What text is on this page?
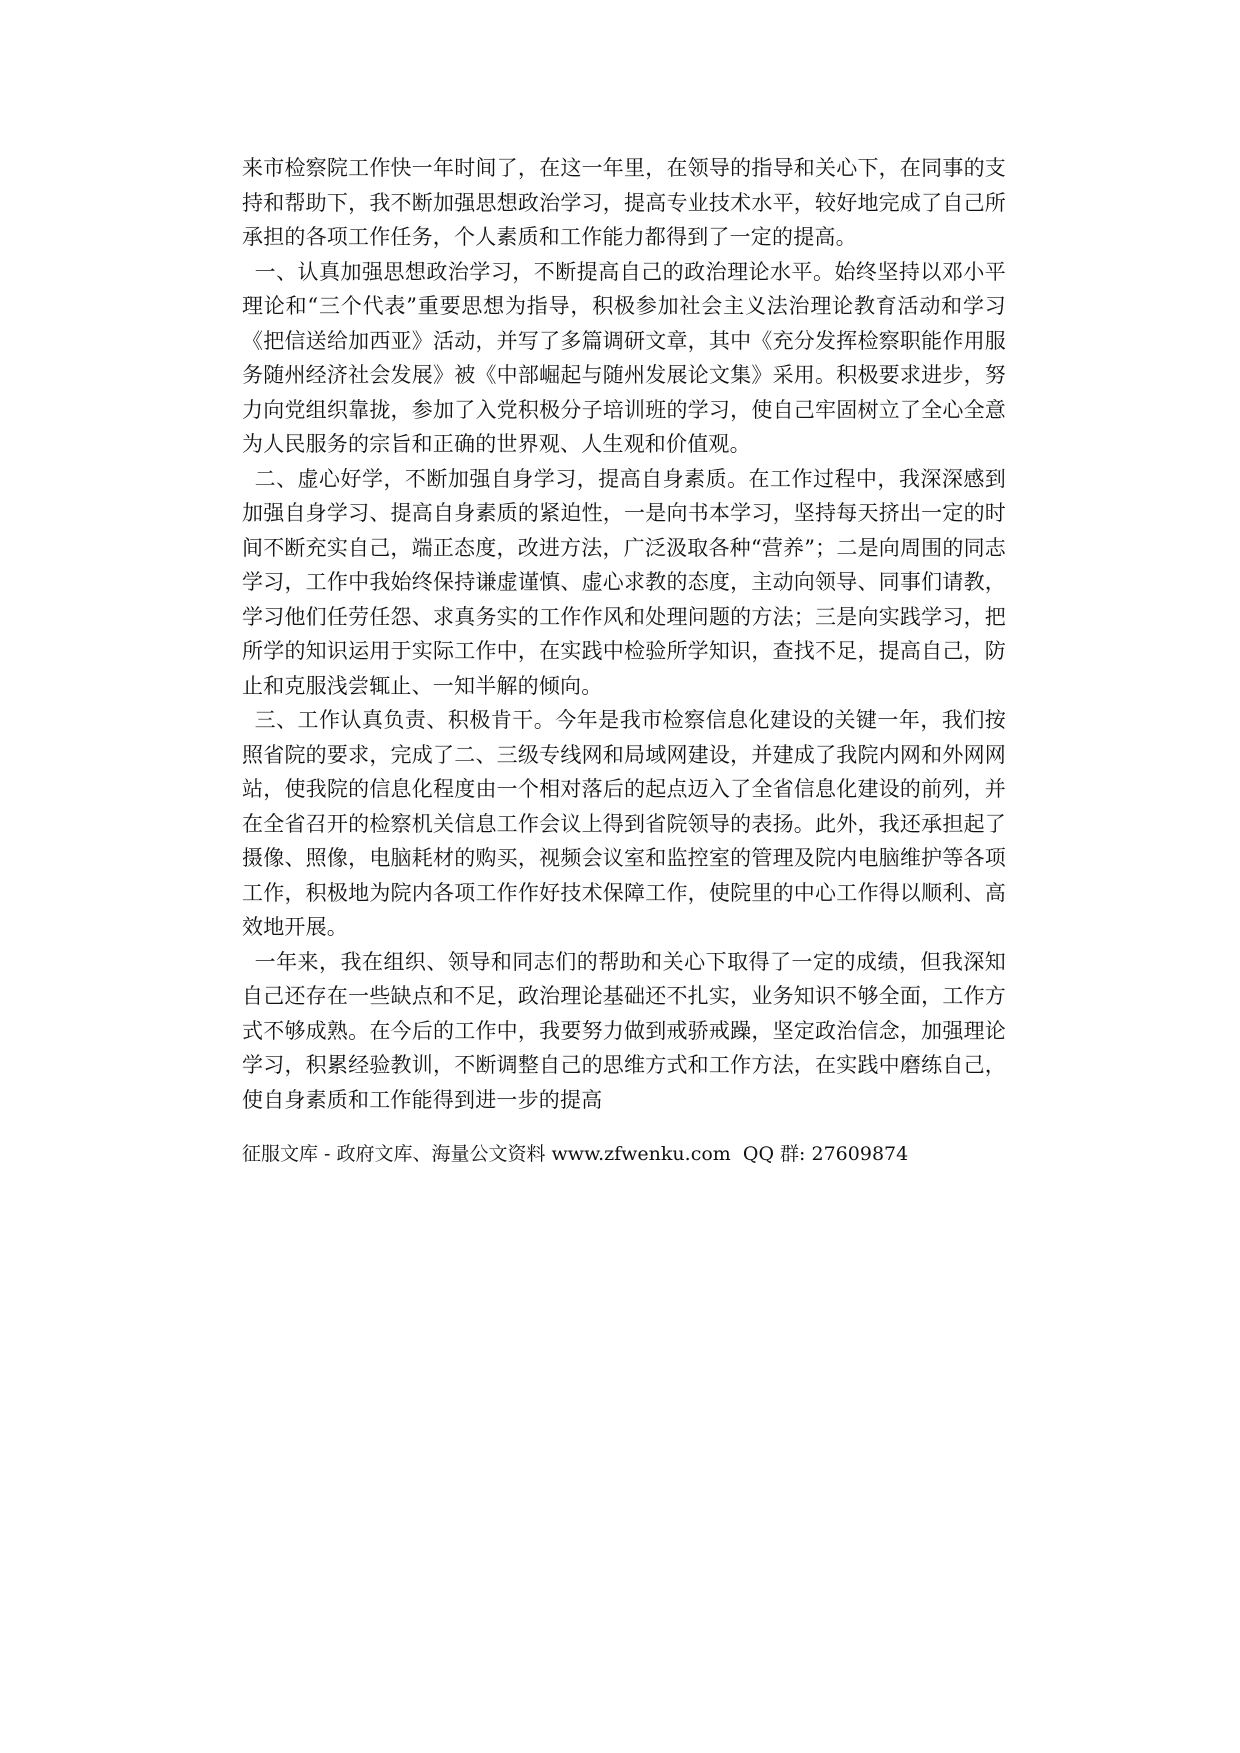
来市检察院工作快一年时间了，在这一年里，在领导的指导和关心下，在同事的支持和帮助下，我不断加强思想政治学习，提高专业技术水平，较好地完成了自己所承担的各项工作任务，个人素质和工作能力都得到了一定的提高。

一、认真加强思想政治学习，不断提高自己的政治理论水平。始终坚持以邓小平理论和“三个代表”重要思想为指导，积极参加社会主义法治理论教育活动和学习《把信送给加西亚》活动，并写了多篇调研文章，其中《充分发挥检察职能作用服务随州经济社会发展》被《中部崛起与随州发展论文集》采用。积极要求进步，努力向党组织靠拢，参加了入党积极分子培训班的学习，使自己牢固树立了全心全意为人民服务的宗旨和正确的世界观、人生观和价值观。

二、虚心好学，不断加强自身学习，提高自身素质。在工作过程中，我深深感到加强自身学习、提高自身素质的紧迫性，一是向书本学习，坚持每天挤出一定的时间不断充实自己，端正态度，改进方法，广泛汲取各种“营养”；二是向周围的同志学习，工作中我始终保持谦虚谨慎、虚心求教的态度，主动向领导、同事们请教，学习他们任劳任怨、求真务实的工作作风和处理问题的方法；三是向实践学习，把所学的知识运用于实际工作中，在实践中检验所学知识，查找不足，提高自己，防止和克服浅尝辄止、一知半解的倾向。

三、工作认真负责、积极肯干。今年是我市检察信息化建设的关键一年，我们按照省院的要求，完成了二、三级专线网和局域网建设，并建成了我院内网和外网网站，使我院的信息化程度由一个相对落后的起点迈入了全省信息化建设的前列，并在全省召开的检察机关信息工作会议上得到省院领导的表扬。此外，我还承担起了摄像、照像，电脑耗材的购买，视频会议室和监控室的管理及院内电脑维护等各项工作，积极地为院内各项工作作好技术保障工作，使院里的中心工作得以顺利、高效地开展。

一年来，我在组织、领导和同志们的帮助和关心下取得了一定的成绩，但我深知自己还存在一些缺点和不足，政治理论基础还不扎实，业务知识不够全面，工作方式不够成熟。在今后的工作中，我要努力做到戒骄戒躁，坚定政治信念，加强理论学习，积累经验教训，不断调整自己的思维方式和工作方法，在实践中磨练自己，使自身素质和工作能得到进一步的提高

征服文库 - 政府文库、海量公文资料 www.zfwenku.com  QQ 群: 27609874
